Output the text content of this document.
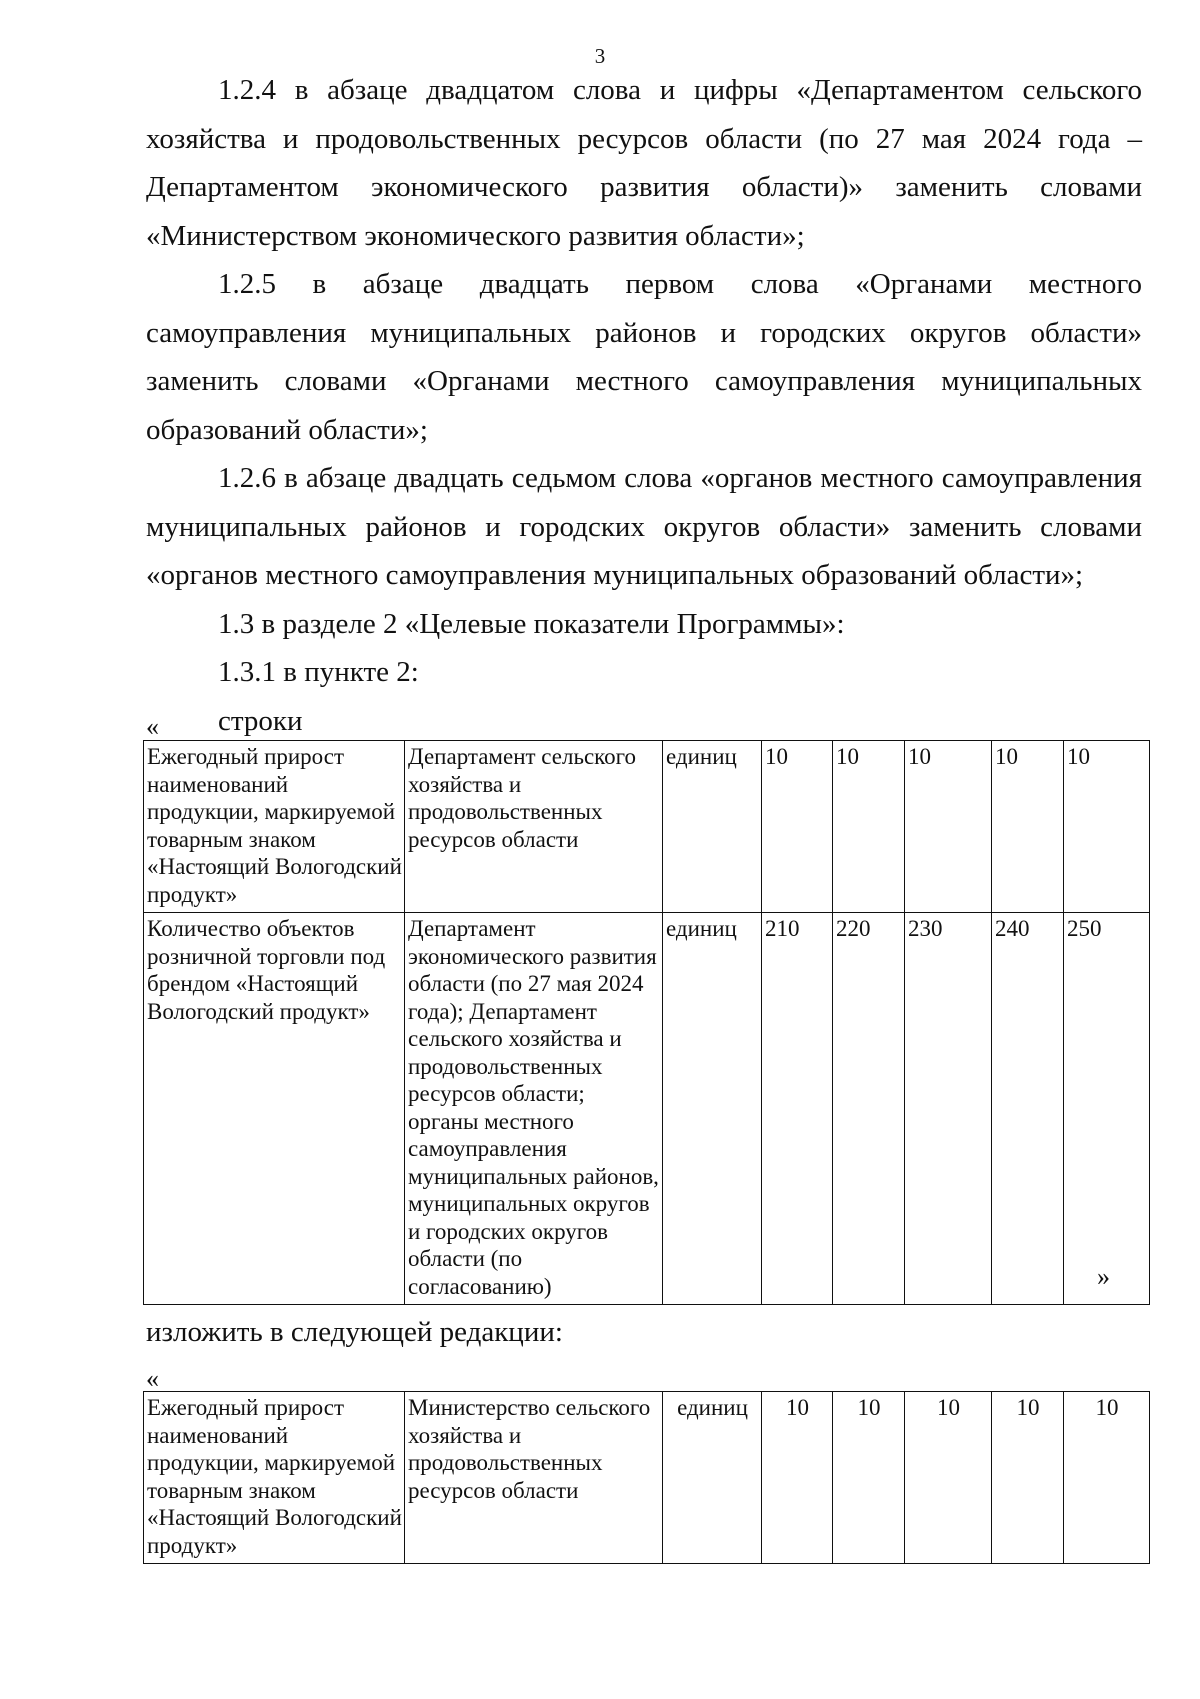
3

1.2.4 в абзаце двадцатом слова и цифры «Департаментом сельского хозяйства и продовольственных ресурсов области (по 27 мая 2024 года – Департаментом экономического развития области)» заменить словами «Министерством экономического развития области»;

1.2.5 в абзаце двадцать первом слова «Органами местного самоуправления муниципальных районов и городских округов области» заменить словами «Органами местного самоуправления муниципальных образований области»;

1.2.6 в абзаце двадцать седьмом слова «органов местного самоуправления муниципальных районов и городских округов области» заменить словами «органов местного самоуправления муниципальных образований области»;

1.3 в разделе 2 «Целевые показатели Программы»:

1.3.1 в пункте 2:

строки

«
Ежегодный прирост наименований продукции, маркируемой товарным знаком «Настоящий Вологодский продукт»	Департамент сельского хозяйства и продовольственных ресурсов области	единиц	10	10	10	10	10
Количество объектов розничной торговли под брендом «Настоящий Вологодский продукт»	Департамент экономического развития области (по 27 мая 2024 года); Департамент сельского хозяйства и продовольственных ресурсов области; органы местного самоуправления муниципальных районов, муниципальных округов и городских округов области (по согласованию)	единиц	210	220	230	240	250
»
изложить в следующей редакции:
«
Ежегодный прирост наименований продукции, маркируемой товарным знаком «Настоящий Вологодский продукт»	Министерство сельского хозяйства и продовольственных ресурсов области	единиц	10	10	10	10	10
